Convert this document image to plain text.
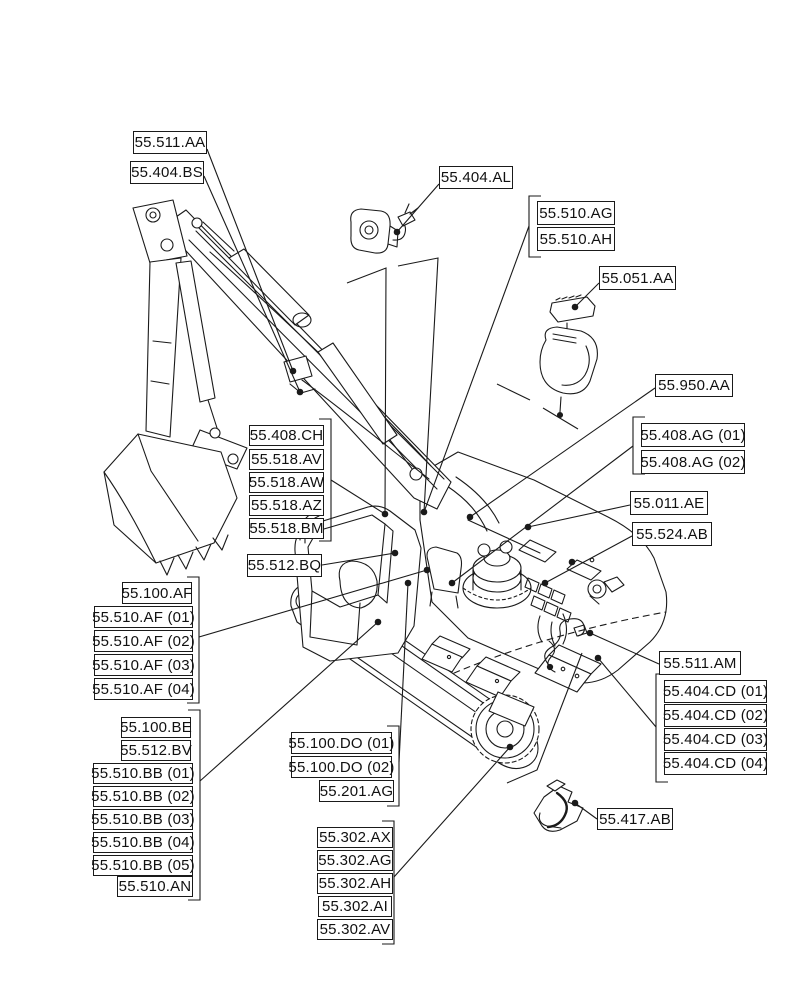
55.511.AA
55.404.BS	55.404.AL
55.510.AG
55.510.AH
55.051.AA
55.950.AA
55.408.AG (01)
55.408.AG (02)
55.011.AE
55.524.AB
55.408.CH
55.518.AV
55.518.AW
55.518.AZ
55.518.BM
55.512.BQ
55.100.AF
55.510.AF (01)
55.510.AF (02)
55.510.AF (03)
55.510.AF (04)
55.100.BE
55.512.BV
55.510.BB (01)
55.510.BB (02)
55.510.BB (03)
55.510.BB (04)
55.510.BB (05)
55.510.AN
55.100.DO (01)
55.100.DO (02)
55.201.AG
55.302.AX
55.302.AG
55.302.AH
55.302.AI
55.302.AV
55.511.AM
55.404.CD (01)
55.404.CD (02)
55.404.CD (03)
55.404.CD (04)
55.417.AB
